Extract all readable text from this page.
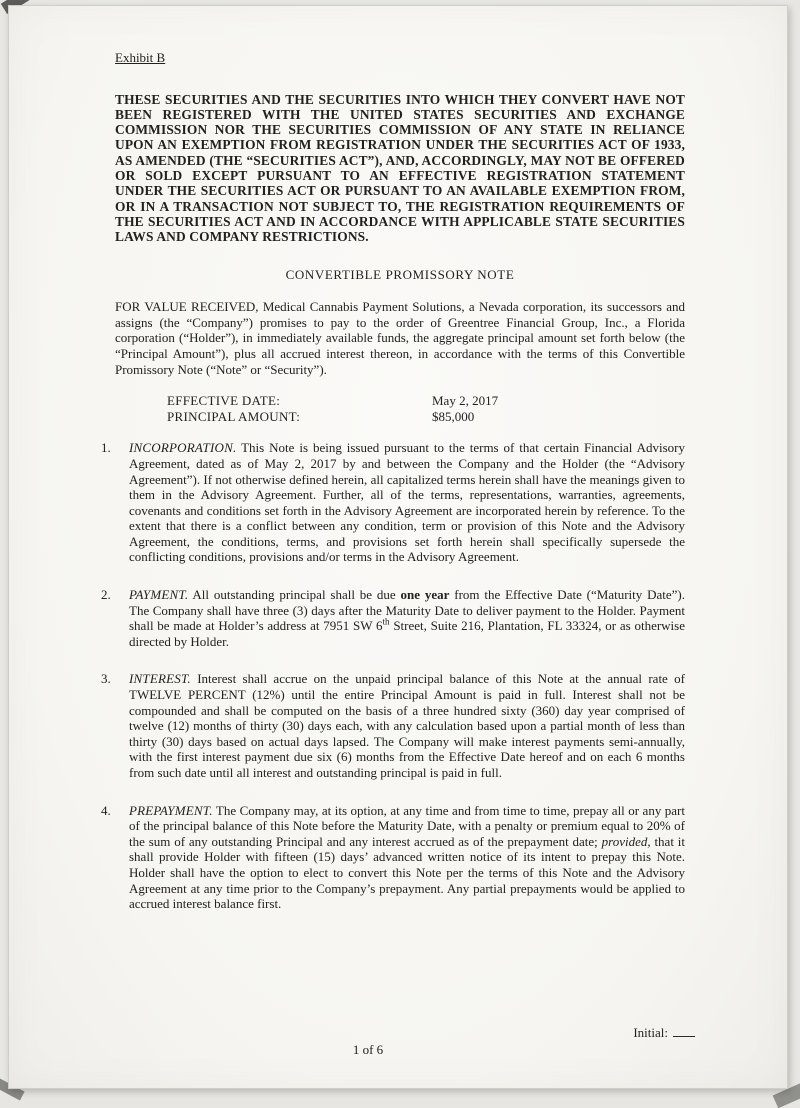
Exhibit B

THESE SECURITIES AND THE SECURITIES INTO WHICH THEY CONVERT HAVE NOT BEEN REGISTERED WITH THE UNITED STATES SECURITIES AND EXCHANGE COMMISSION NOR THE SECURITIES COMMISSION OF ANY STATE IN RELIANCE UPON AN EXEMPTION FROM REGISTRATION UNDER THE SECURITIES ACT OF 1933, AS AMENDED (THE “SECURITIES ACT”), AND, ACCORDINGLY, MAY NOT BE OFFERED OR SOLD EXCEPT PURSUANT TO AN EFFECTIVE REGISTRATION STATEMENT UNDER THE SECURITIES ACT OR PURSUANT TO AN AVAILABLE EXEMPTION FROM, OR IN A TRANSACTION NOT SUBJECT TO, THE REGISTRATION REQUIREMENTS OF THE SECURITIES ACT AND IN ACCORDANCE WITH APPLICABLE STATE SECURITIES LAWS AND COMPANY RESTRICTIONS.

CONVERTIBLE PROMISSORY NOTE

FOR VALUE RECEIVED, Medical Cannabis Payment Solutions, a Nevada corporation, its successors and assigns (the “Company”) promises to pay to the order of Greentree Financial Group, Inc., a Florida corporation (“Holder”), in immediately available funds, the aggregate principal amount set forth below (the “Principal Amount”), plus all accrued interest thereon, in accordance with the terms of this Convertible Promissory Note (“Note” or “Security”).

EFFECTIVE DATE:	May 2, 2017
PRINCIPAL AMOUNT:	$85,000

1. INCORPORATION. This Note is being issued pursuant to the terms of that certain Financial Advisory Agreement, dated as of May 2, 2017 by and between the Company and the Holder (the “Advisory Agreement”). If not otherwise defined herein, all capitalized terms herein shall have the meanings given to them in the Advisory Agreement. Further, all of the terms, representations, warranties, agreements, covenants and conditions set forth in the Advisory Agreement are incorporated herein by reference. To the extent that there is a conflict between any condition, term or provision of this Note and the Advisory Agreement, the conditions, terms, and provisions set forth herein shall specifically supersede the conflicting conditions, provisions and/or terms in the Advisory Agreement.

2. PAYMENT. All outstanding principal shall be due one year from the Effective Date (“Maturity Date”). The Company shall have three (3) days after the Maturity Date to deliver payment to the Holder. Payment shall be made at Holder’s address at 7951 SW 6th Street, Suite 216, Plantation, FL 33324, or as otherwise directed by Holder.

3. INTEREST. Interest shall accrue on the unpaid principal balance of this Note at the annual rate of TWELVE PERCENT (12%) until the entire Principal Amount is paid in full. Interest shall not be compounded and shall be computed on the basis of a three hundred sixty (360) day year comprised of twelve (12) months of thirty (30) days each, with any calculation based upon a partial month of less than thirty (30) days based on actual days lapsed. The Company will make interest payments semi-annually, with the first interest payment due six (6) months from the Effective Date hereof and on each 6 months from such date until all interest and outstanding principal is paid in full.

4. PREPAYMENT. The Company may, at its option, at any time and from time to time, prepay all or any part of the principal balance of this Note before the Maturity Date, with a penalty or premium equal to 20% of the sum of any outstanding Principal and any interest accrued as of the prepayment date; provided, that it shall provide Holder with fifteen (15) days’ advanced written notice of its intent to prepay this Note. Holder shall have the option to elect to convert this Note per the terms of this Note and the Advisory Agreement at any time prior to the Company’s prepayment. Any partial prepayments would be applied to accrued interest balance first.

Initial:
1 of 6
